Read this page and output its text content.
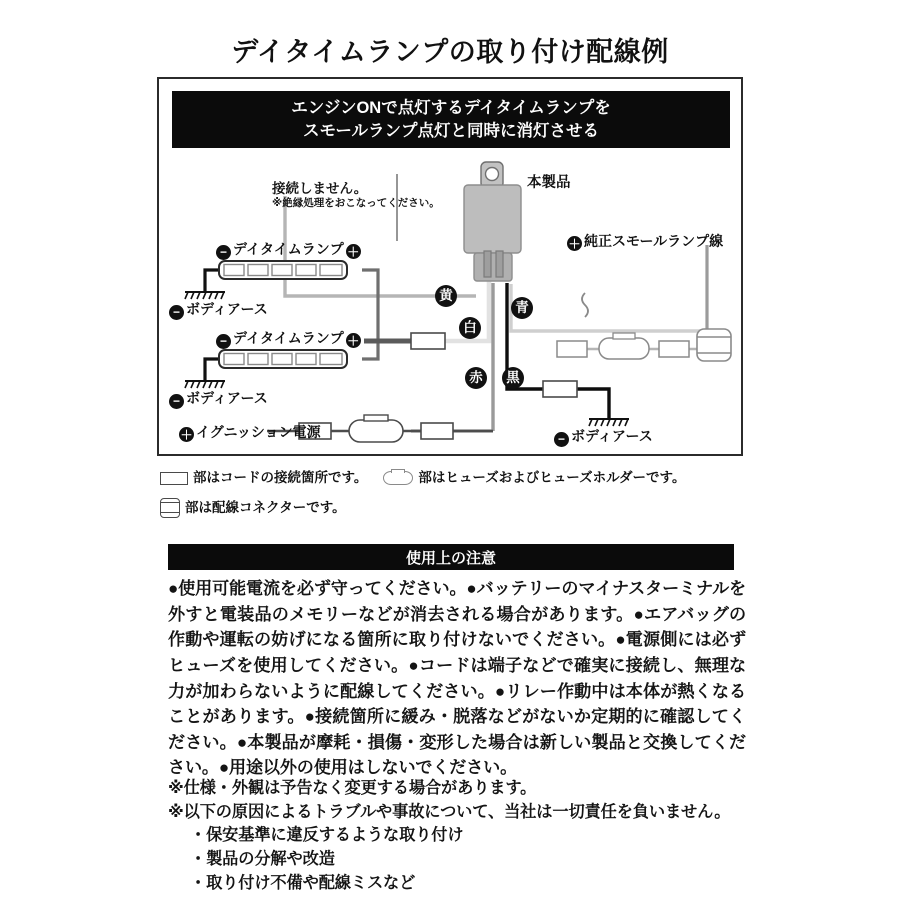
デイタイムランプの取り付け配線例
エンジンONで点灯するデイタイムランプを
スモールランプ点灯と同時に消灯させる
接続しません。
※絶縁処理をおこなってください。
本製品
− デイタイムランプ ＋
− ボディアース
− デイタイムランプ ＋
− ボディアース
＋ イグニッション電源
＋ 純正スモールランプ線
− ボディアース
黄
白
青
赤	黒
部はコードの接続箇所です。	部はヒューズおよびヒューズホルダーです。
部は配線コネクターです。
使用上の注意
●使用可能電流を必ず守ってください。●バッテリーのマイナスターミナルを外すと電装品のメモリーなどが消去される場合があります。●エアバッグの作動や運転の妨げになる箇所に取り付けないでください。●電源側には必ずヒューズを使用してください。●コードは端子などで確実に接続し、無理な力が加わらないように配線してください。●リレー作動中は本体が熱くなることがあります。●接続箇所に緩み・脱落などがないか定期的に確認してください。●本製品が摩耗・損傷・変形した場合は新しい製品と交換してください。●用途以外の使用はしないでください。
※仕様・外観は予告なく変更する場合があります。
※以下の原因によるトラブルや事故について、当社は一切責任を負いません。
・保安基準に違反するような取り付け
・製品の分解や改造
・取り付け不備や配線ミスなど
